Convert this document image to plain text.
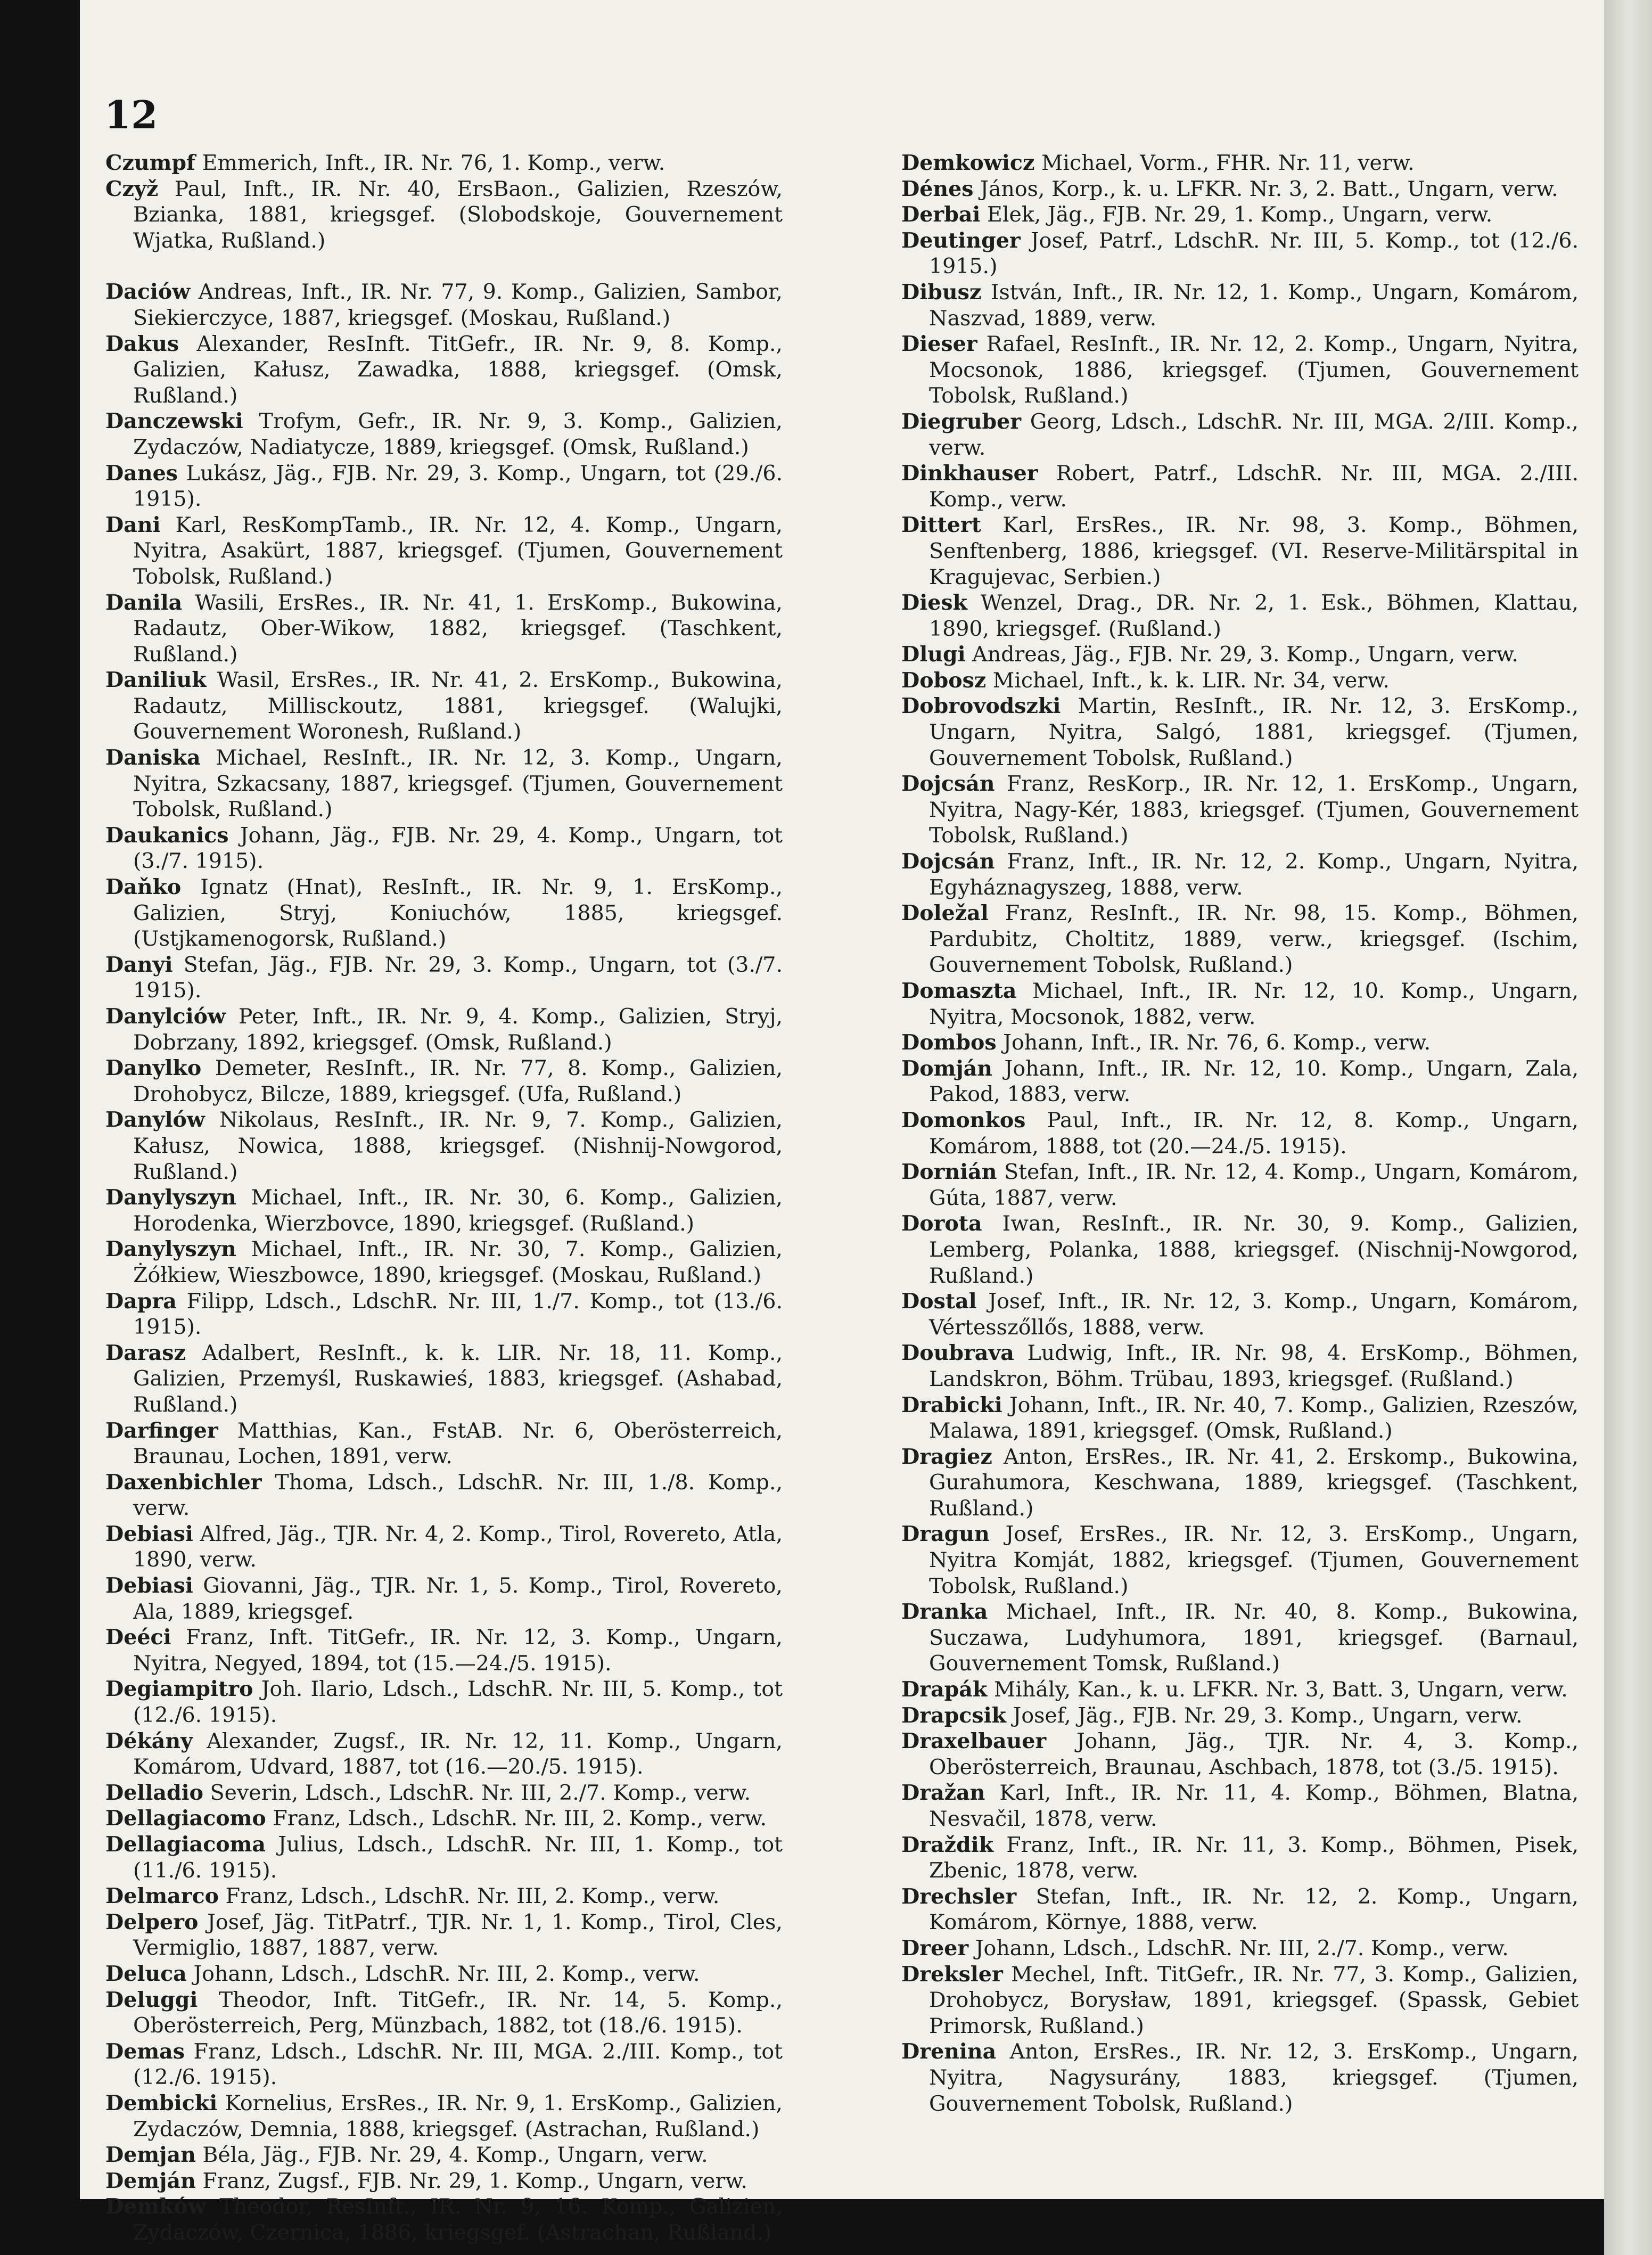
12

Czumpf Emmerich, Inft., IR. Nr. 76, 1. Komp., verw.

Czyž Paul, Inft., IR. Nr. 40, ErsBaon., Galizien, Rzeszów, Bzianka, 1881, kriegsgef. (Slobodskoje, Gouvernement Wjatka, Rußland.)

Daciów Andreas, Inft., IR. Nr. 77, 9. Komp., Galizien, Sambor, Siekierczyce, 1887, kriegsgef. (Moskau, Rußland.)

Dakus Alexander, ResInft. TitGefr., IR. Nr. 9, 8. Komp., Galizien, Kałusz, Zawadka, 1888, kriegsgef. (Omsk, Rußland.)

Danczewski Trofym, Gefr., IR. Nr. 9, 3. Komp., Galizien, Zydaczów, Nadiatycze, 1889, kriegsgef. (Omsk, Rußland.)

Danes Lukász, Jäg., FJB. Nr. 29, 3. Komp., Ungarn, tot (29./6. 1915).

Dani Karl, ResKompTamb., IR. Nr. 12, 4. Komp., Ungarn, Nyitra, Asakürt, 1887, kriegsgef. (Tjumen, Gouvernement Tobolsk, Rußland.)

Danila Wasili, ErsRes., IR. Nr. 41, 1. ErsKomp., Bukowina, Radautz, Ober-Wikow, 1882, kriegsgef. (Taschkent, Rußland.)

Daniliuk Wasil, ErsRes., IR. Nr. 41, 2. ErsKomp., Bukowina, Radautz, Millisckoutz, 1881, kriegsgef. (Walujki, Gouvernement Woronesh, Rußland.)

Daniska Michael, ResInft., IR. Nr. 12, 3. Komp., Ungarn, Nyitra, Szkacsany, 1887, kriegsgef. (Tjumen, Gouvernement Tobolsk, Rußland.)

Daukanics Johann, Jäg., FJB. Nr. 29, 4. Komp., Ungarn, tot (3./7. 1915).

Daňko Ignatz (Hnat), ResInft., IR. Nr. 9, 1. ErsKomp., Galizien, Stryj, Koniuchów, 1885, kriegsgef. (Ustjkamenogorsk, Rußland.)

Danyi Stefan, Jäg., FJB. Nr. 29, 3. Komp., Ungarn, tot (3./7. 1915).

Danylciów Peter, Inft., IR. Nr. 9, 4. Komp., Galizien, Stryj, Dobrzany, 1892, kriegsgef. (Omsk, Rußland.)

Danylko Demeter, ResInft., IR. Nr. 77, 8. Komp., Galizien, Drohobycz, Bilcze, 1889, kriegsgef. (Ufa, Rußland.)

Danylów Nikolaus, ResInft., IR. Nr. 9, 7. Komp., Galizien, Kałusz, Nowica, 1888, kriegsgef. (Nishnij-Nowgorod, Rußland.)

Danylyszyn Michael, Inft., IR. Nr. 30, 6. Komp., Galizien, Horodenka, Wierzbovce, 1890, kriegsgef. (Rußland.)

Danylyszyn Michael, Inft., IR. Nr. 30, 7. Komp., Galizien, Żółkiew, Wieszbowce, 1890, kriegsgef. (Moskau, Rußland.)

Dapra Filipp, Ldsch., LdschR. Nr. III, 1./7. Komp., tot (13./6. 1915).

Darasz Adalbert, ResInft., k. k. LIR. Nr. 18, 11. Komp., Galizien, Przemyśl, Ruskawieś, 1883, kriegsgef. (Ashabad, Rußland.)

Darfinger Matthias, Kan., FstAB. Nr. 6, Oberösterreich, Braunau, Lochen, 1891, verw.

Daxenbichler Thoma, Ldsch., LdschR. Nr. III, 1./8. Komp., verw.

Debiasi Alfred, Jäg., TJR. Nr. 4, 2. Komp., Tirol, Rovereto, Atla, 1890, verw.

Debiasi Giovanni, Jäg., TJR. Nr. 1, 5. Komp., Tirol, Rovereto, Ala, 1889, kriegsgef.

Deéci Franz, Inft. TitGefr., IR. Nr. 12, 3. Komp., Ungarn, Nyitra, Negyed, 1894, tot (15.—24./5. 1915).

Degiampitro Joh. Ilario, Ldsch., LdschR. Nr. III, 5. Komp., tot (12./6. 1915).

Dékány Alexander, Zugsf., IR. Nr. 12, 11. Komp., Ungarn, Komárom, Udvard, 1887, tot (16.—20./5. 1915).

Delladio Severin, Ldsch., LdschR. Nr. III, 2./7. Komp., verw.

Dellagiacomo Franz, Ldsch., LdschR. Nr. III, 2. Komp., verw.

Dellagiacoma Julius, Ldsch., LdschR. Nr. III, 1. Komp., tot (11./6. 1915).

Delmarco Franz, Ldsch., LdschR. Nr. III, 2. Komp., verw.

Delpero Josef, Jäg. TitPatrf., TJR. Nr. 1, 1. Komp., Tirol, Cles, Vermiglio, 1887, 1887, verw.

Deluca Johann, Ldsch., LdschR. Nr. III, 2. Komp., verw.

Deluggi Theodor, Inft. TitGefr., IR. Nr. 14, 5. Komp., Oberösterreich, Perg, Münzbach, 1882, tot (18./6. 1915).

Demas Franz, Ldsch., LdschR. Nr. III, MGA. 2./III. Komp., tot (12./6. 1915).

Dembicki Kornelius, ErsRes., IR. Nr. 9, 1. ErsKomp., Galizien, Zydaczów, Demnia, 1888, kriegsgef. (Astrachan, Rußland.)

Demjan Béla, Jäg., FJB. Nr. 29, 4. Komp., Ungarn, verw.

Demján Franz, Zugsf., FJB. Nr. 29, 1. Komp., Ungarn, verw.

Demków Theodor, ResInft., IR. Nr. 9, 16. Komp., Galizien, Zydaczów, Czernica, 1886, kriegsgef. (Astrachan, Rußland.)

Demkowicz Michael, Vorm., FHR. Nr. 11, verw.

Dénes János, Korp., k. u. LFKR. Nr. 3, 2. Batt., Ungarn, verw.

Derbai Elek, Jäg., FJB. Nr. 29, 1. Komp., Ungarn, verw.

Deutinger Josef, Patrf., LdschR. Nr. III, 5. Komp., tot (12./6. 1915.)

Dibusz István, Inft., IR. Nr. 12, 1. Komp., Ungarn, Komárom, Naszvad, 1889, verw.

Dieser Rafael, ResInft., IR. Nr. 12, 2. Komp., Ungarn, Nyitra, Mocsonok, 1886, kriegsgef. (Tjumen, Gouvernement Tobolsk, Rußland.)

Diegruber Georg, Ldsch., LdschR. Nr. III, MGA. 2/III. Komp., verw.

Dinkhauser Robert, Patrf., LdschR. Nr. III, MGA. 2./III. Komp., verw.

Dittert Karl, ErsRes., IR. Nr. 98, 3. Komp., Böhmen, Senftenberg, 1886, kriegsgef. (VI. Reserve-Militärspital in Kragujevac, Serbien.)

Diesk Wenzel, Drag., DR. Nr. 2, 1. Esk., Böhmen, Klattau, 1890, kriegsgef. (Rußland.)

Dlugi Andreas, Jäg., FJB. Nr. 29, 3. Komp., Ungarn, verw.

Dobosz Michael, Inft., k. k. LIR. Nr. 34, verw.

Dobrovodszki Martin, ResInft., IR. Nr. 12, 3. ErsKomp., Ungarn, Nyitra, Salgó, 1881, kriegsgef. (Tjumen, Gouvernement Tobolsk, Rußland.)

Dojcsán Franz, ResKorp., IR. Nr. 12, 1. ErsKomp., Ungarn, Nyitra, Nagy-Kér, 1883, kriegsgef. (Tjumen, Gouvernement Tobolsk, Rußland.)

Dojcsán Franz, Inft., IR. Nr. 12, 2. Komp., Ungarn, Nyitra, Egyháznagyszeg, 1888, verw.

Doležal Franz, ResInft., IR. Nr. 98, 15. Komp., Böhmen, Pardubitz, Choltitz, 1889, verw., kriegsgef. (Ischim, Gouvernement Tobolsk, Rußland.)

Domaszta Michael, Inft., IR. Nr. 12, 10. Komp., Ungarn, Nyitra, Mocsonok, 1882, verw.

Dombos Johann, Inft., IR. Nr. 76, 6. Komp., verw.

Domján Johann, Inft., IR. Nr. 12, 10. Komp., Ungarn, Zala, Pakod, 1883, verw.

Domonkos Paul, Inft., IR. Nr. 12, 8. Komp., Ungarn, Komárom, 1888, tot (20.—24./5. 1915).

Dornián Stefan, Inft., IR. Nr. 12, 4. Komp., Ungarn, Komárom, Gúta, 1887, verw.

Dorota Iwan, ResInft., IR. Nr. 30, 9. Komp., Galizien, Lemberg, Polanka, 1888, kriegsgef. (Nischnij-Nowgorod, Rußland.)

Dostal Josef, Inft., IR. Nr. 12, 3. Komp., Ungarn, Komárom, Vértesszőllős, 1888, verw.

Doubrava Ludwig, Inft., IR. Nr. 98, 4. ErsKomp., Böhmen, Landskron, Böhm. Trübau, 1893, kriegsgef. (Rußland.)

Drabicki Johann, Inft., IR. Nr. 40, 7. Komp., Galizien, Rzeszów, Malawa, 1891, kriegsgef. (Omsk, Rußland.)

Dragiez Anton, ErsRes., IR. Nr. 41, 2. Erskomp., Bukowina, Gurahumora, Keschwana, 1889, kriegsgef. (Taschkent, Rußland.)

Dragun Josef, ErsRes., IR. Nr. 12, 3. ErsKomp., Ungarn, Nyitra Komját, 1882, kriegsgef. (Tjumen, Gouvernement Tobolsk, Rußland.)

Dranka Michael, Inft., IR. Nr. 40, 8. Komp., Bukowina, Suczawa, Ludyhumora, 1891, kriegsgef. (Barnaul, Gouvernement Tomsk, Rußland.)

Drapák Mihály, Kan., k. u. LFKR. Nr. 3, Batt. 3, Ungarn, verw.

Drapcsik Josef, Jäg., FJB. Nr. 29, 3. Komp., Ungarn, verw.

Draxelbauer Johann, Jäg., TJR. Nr. 4, 3. Komp., Oberösterreich, Braunau, Aschbach, 1878, tot (3./5. 1915).

Dražan Karl, Inft., IR. Nr. 11, 4. Komp., Böhmen, Blatna, Nesvačil, 1878, verw.

Draždik Franz, Inft., IR. Nr. 11, 3. Komp., Böhmen, Pisek, Zbenic, 1878, verw.

Drechsler Stefan, Inft., IR. Nr. 12, 2. Komp., Ungarn, Komárom, Környe, 1888, verw.

Dreer Johann, Ldsch., LdschR. Nr. III, 2./7. Komp., verw.

Dreksler Mechel, Inft. TitGefr., IR. Nr. 77, 3. Komp., Galizien, Drohobycz, Borysław, 1891, kriegsgef. (Spassk, Gebiet Primorsk, Rußland.)

Drenina Anton, ErsRes., IR. Nr. 12, 3. ErsKomp., Ungarn, Nyitra, Nagysurány, 1883, kriegsgef. (Tjumen, Gouvernement Tobolsk, Rußland.)
